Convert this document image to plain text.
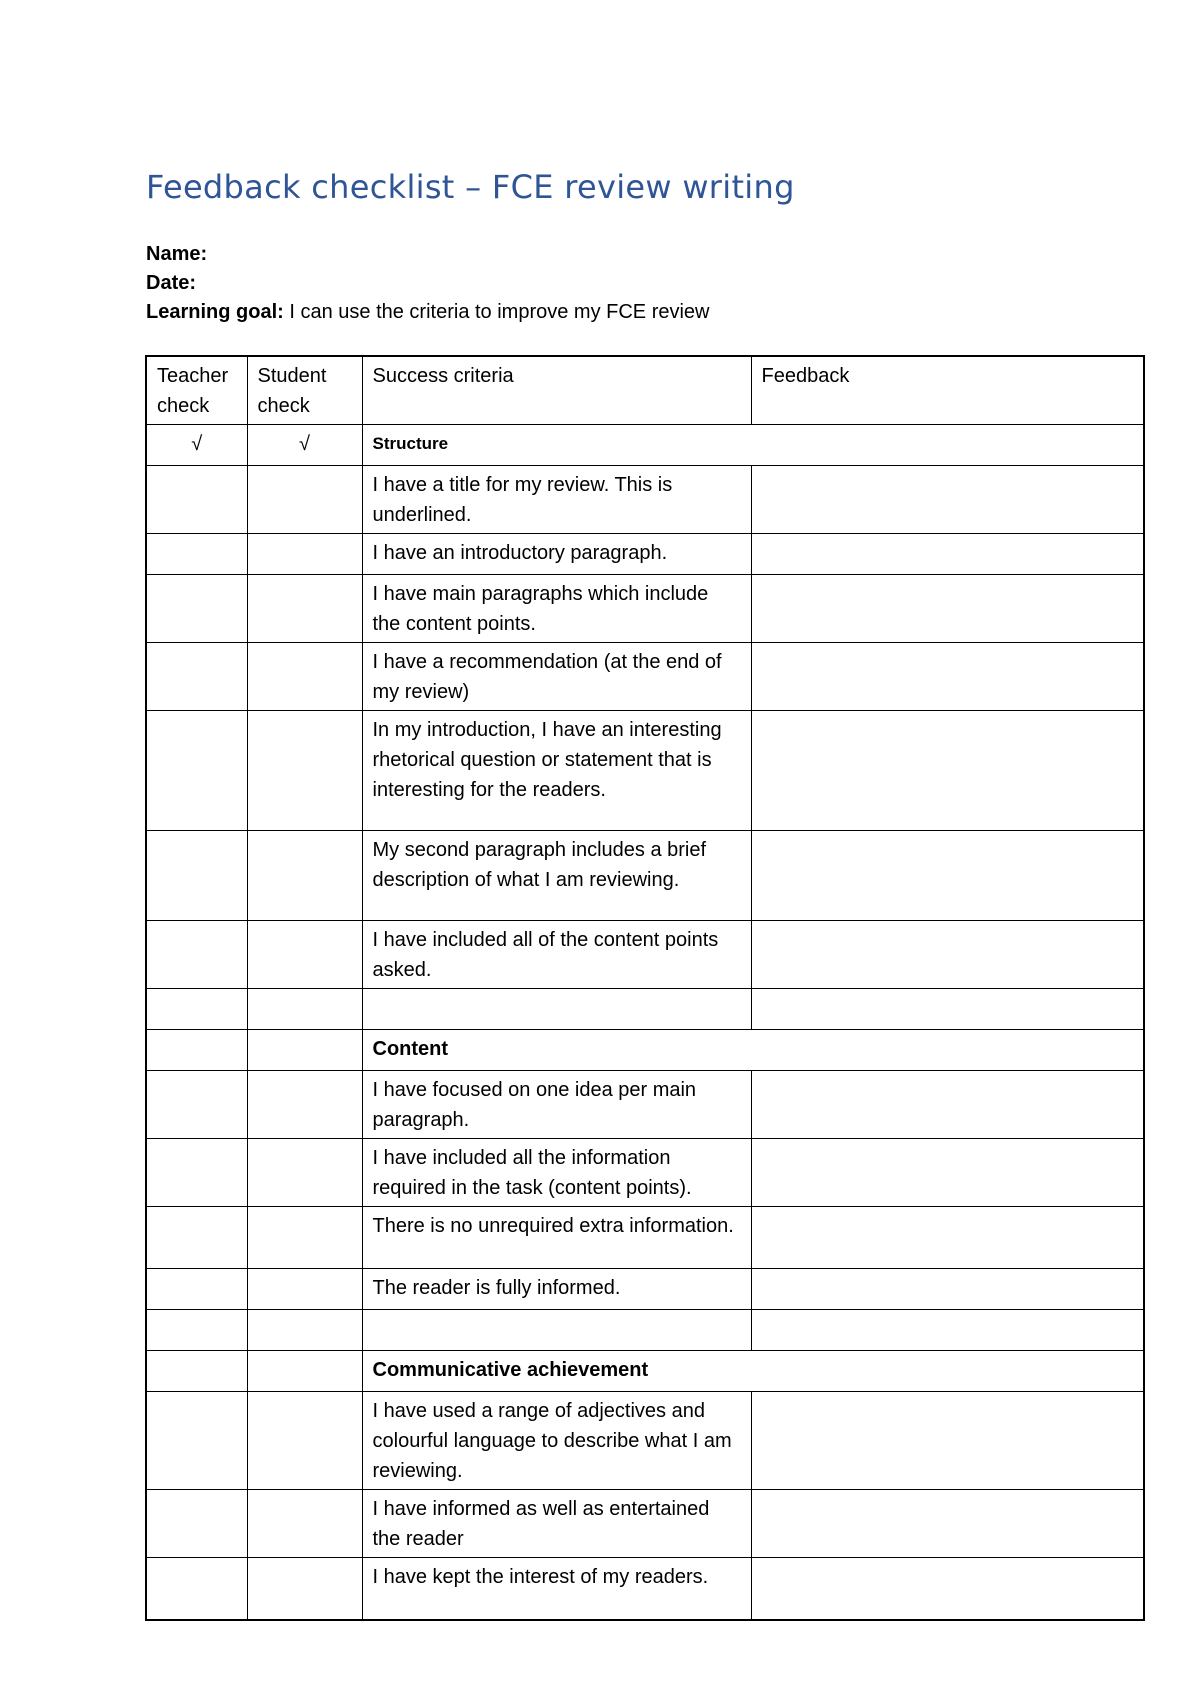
Feedback checklist – FCE review writing
Name:
Date:
Learning goal: I can use the criteria to improve my FCE review
Teacher check	Student check	Success criteria	Feedback
√	√	Structure	
		I have a title for my review. This is underlined.	
		I have an introductory paragraph.	
		I have main paragraphs which include the content points.	
		I have a recommendation (at the end of my review)	
		In my introduction, I have an interesting rhetorical question or statement that is interesting for the readers.	
		My second paragraph includes a brief description of what I am reviewing.	
		I have included all of the content points asked.	

		Content	
		I have focused on one idea per main paragraph.	
		I have included all the information required in the task (content points).	
		There is no unrequired extra information.	
		The reader is fully informed.	

		Communicative achievement	
		I have used a range of adjectives and colourful language to describe what I am reviewing.	
		I have informed as well as entertained the reader	
		I have kept the interest of my readers.	
